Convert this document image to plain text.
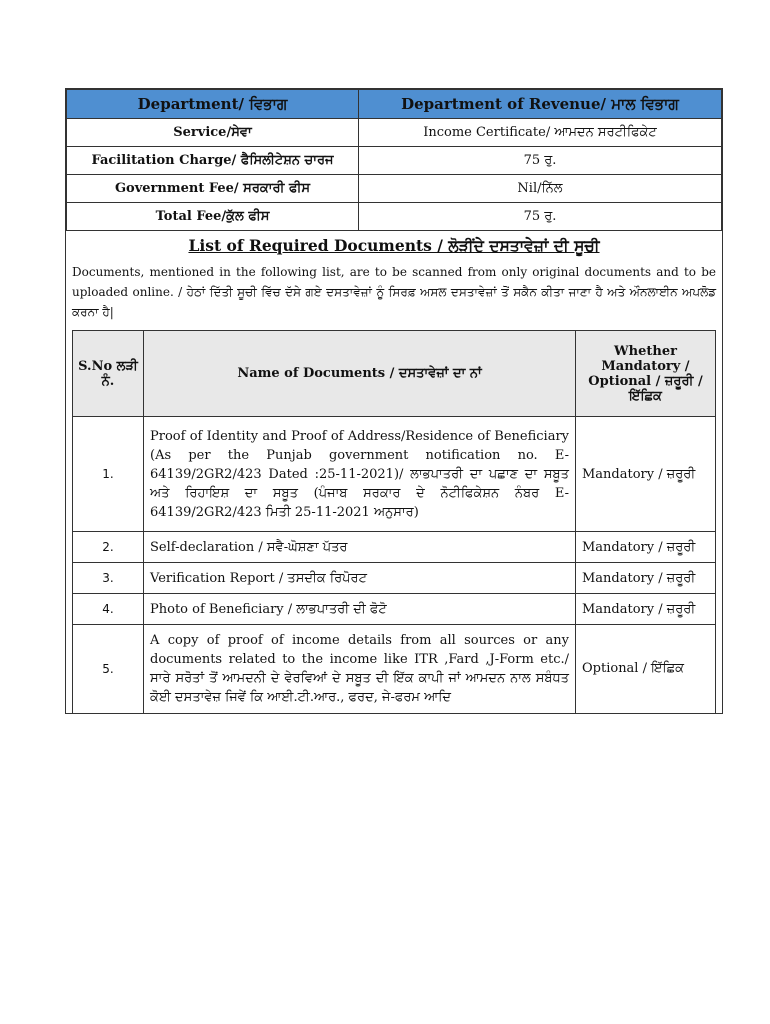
Department/ ਵਿਭਾਗ	Department of Revenue/ ਮਾਲ ਵਿਭਾਗ
Service/ਸੇਵਾ	Income Certificate/ ਆਮਦਨ ਸਰਟੀਫਿਕੇਟ
Facilitation Charge/ ਫੈਸਿਲੀਟੇਸ਼ਨ ਚਾਰਜ	75 ਰੁ.
Government Fee/ ਸਰਕਾਰੀ ਫੀਸ	Nil/ਨਿੱਲ
Total Fee/ਕੁੱਲ ਫੀਸ	75 ਰੁ.
List of Required Documents / ਲੋੜੀਂਦੇ ਦਸਤਾਵੇਜ਼ਾਂ ਦੀ ਸੂਚੀ
Documents, mentioned in the following list, are to be scanned from only original documents and to be uploaded online. / ਹੇਠਾਂ ਦਿੱਤੀ ਸੂਚੀ ਵਿੱਚ ਦੱਸੇ ਗਏ ਦਸਤਾਵੇਜ਼ਾਂ ਨੂੰ ਸਿਰਫ਼ ਅਸਲ ਦਸਤਾਵੇਜ਼ਾਂ ਤੋਂ ਸਕੈਨ ਕੀਤਾ ਜਾਣਾ ਹੈ ਅਤੇ ਔਨਲਾਈਨ ਅਪਲੋਡ ਕਰਨਾ ਹੈ|
S.No ਲੜੀ ਨੰ.	Name of Documents / ਦਸਤਾਵੇਜ਼ਾਂ ਦਾ ਨਾਂ	Whether Mandatory / Optional / ਜ਼ਰੂਰੀ / ਇੱਛਿਕ
1.	Proof of Identity and Proof of Address/Residence of Beneficiary (As per the Punjab government notification no. E-64139/2GR2/423 Dated :25-11-2021)/ ਲਾਭਪਾਤਰੀ ਦਾ ਪਛਾਣ ਦਾ ਸਬੂਤ ਅਤੇ ਰਿਹਾਇਸ਼ ਦਾ ਸਬੂਤ (ਪੰਜਾਬ ਸਰਕਾਰ ਦੇ ਨੋਟੀਫਿਕੇਸ਼ਨ ਨੰਬਰ E-64139/2GR2/423 ਮਿਤੀ 25-11-2021 ਅਨੁਸਾਰ)	Mandatory / ਜ਼ਰੂਰੀ
2.	Self-declaration / ਸਵੈ-ਘੋਸ਼ਣਾ ਪੱਤਰ	Mandatory / ਜ਼ਰੂਰੀ
3.	Verification Report / ਤਸਦੀਕ ਰਿਪੋਰਟ	Mandatory / ਜ਼ਰੂਰੀ
4.	Photo of Beneficiary / ਲਾਭਪਾਤਰੀ ਦੀ ਫੋਟੋ	Mandatory / ਜ਼ਰੂਰੀ
5.	A copy of proof of income details from all sources or any documents related to the income like ITR ,Fard ,J-Form etc./ ਸਾਰੇ ਸਰੋਤਾਂ ਤੋਂ ਆਮਦਨੀ ਦੇ ਵੇਰਵਿਆਂ ਦੇ ਸਬੂਤ ਦੀ ਇੱਕ ਕਾਪੀ ਜਾਂ ਆਮਦਨ ਨਾਲ ਸਬੰਧਤ ਕੋਈ ਦਸਤਾਵੇਜ਼ ਜਿਵੇਂ ਕਿ ਆਈ.ਟੀ.ਆਰ., ਫਰਦ, ਜੇ-ਫਰਮ ਆਦਿ	Optional / ਇੱਛਿਕ
